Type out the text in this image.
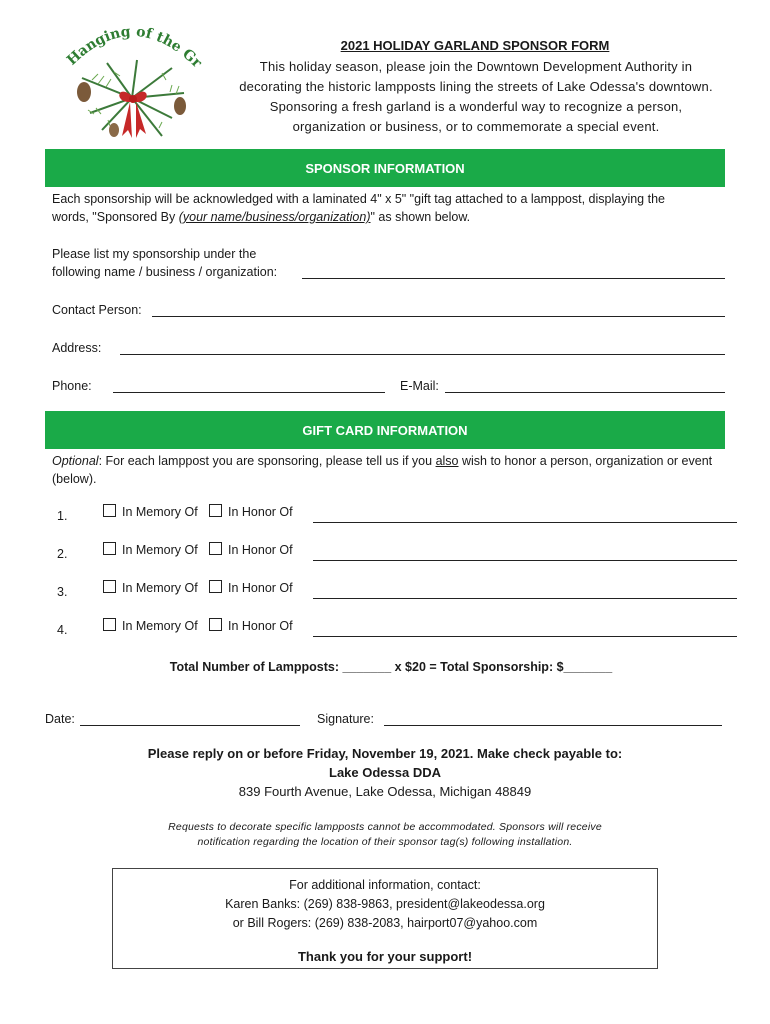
Hanging of the G
2021 HOLIDAY GARLAND SPONSOR FORM
This holiday season, please join the Downtown Development Authority in
decorating the historic lampposts lining the streets of Lake Odessa's downtown.
Sponsoring a fresh garland is a wonderful way to recognize a person,
organization or business, or to commemorate a special event.
SPONSOR INFORMATION
Each sponsorship will be acknowledged with a laminated 4" x 5" "gift tag attached to a lamppost, displaying the
words, "Sponsored By (your name/business/organization)" as shown below.
Please list my sponsorship under the
following name / business / organization:
Contact Person:
Address:
Phone:	E-Mail:
GIFT CARD INFORMATION
Optional: For each lamppost you are sponsoring, please tell us if you also wish to honor a person, organization or event
(below).
1.	In Memory Of	In Honor Of
2.	In Memory Of	In Honor Of
3.	In Memory Of	In Honor Of
4.	In Memory Of	In Honor Of
Total Number of Lampposts: _______ x $20 = Total Sponsorship: $_______
Date:	Signature:
Please reply on or before Friday, November 19, 2021. Make check payable to:
Lake Odessa DDA
839 Fourth Avenue, Lake Odessa, Michigan 48849
Requests to decorate specific lampposts cannot be accommodated. Sponsors will receive
notification regarding the location of their sponsor tag(s) following installation.
For additional information, contact:
Karen Banks: (269) 838-9863, president@lakeodessa.org
or Bill Rogers: (269) 838-2083, hairport07@yahoo.com
Thank you for your support!
